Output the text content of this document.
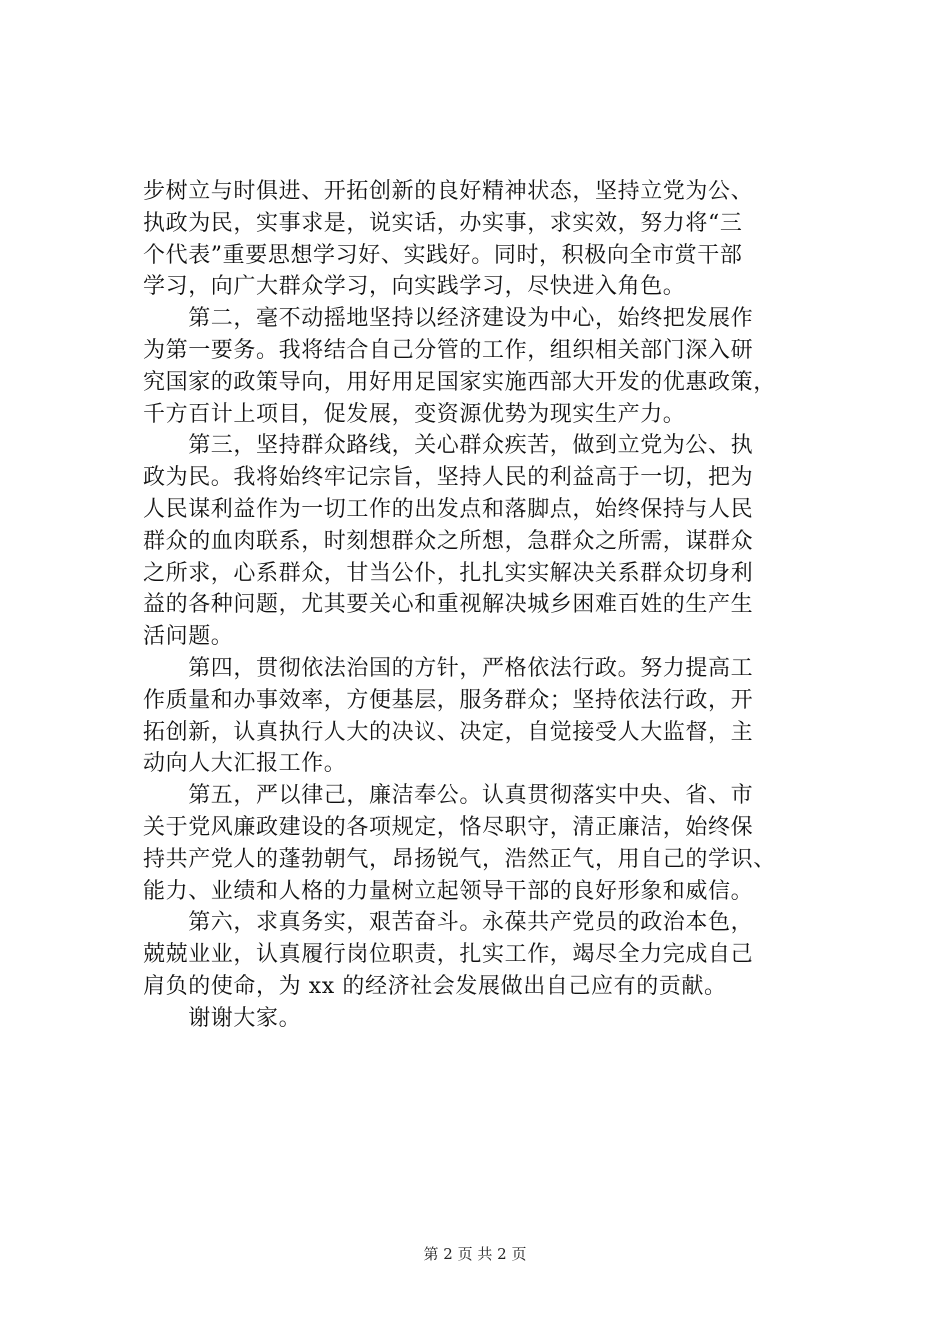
步树立与时俱进、开拓创新的良好精神状态，坚持立党为公、
执政为民，实事求是，说实话，办实事，求实效，努力将“三
个代表”重要思想学习好、实践好。同时，积极向全市赏干部
学习，向广大群众学习，向实践学习，尽快进入角色。
　　第二，毫不动摇地坚持以经济建设为中心，始终把发展作
为第一要务。我将结合自己分管的工作，组织相关部门深入研
究国家的政策导向，用好用足国家实施西部大开发的优惠政策，
千方百计上项目，促发展，变资源优势为现实生产力。
　　第三，坚持群众路线，关心群众疾苦，做到立党为公、执
政为民。我将始终牢记宗旨，坚持人民的利益高于一切，把为
人民谋利益作为一切工作的出发点和落脚点，始终保持与人民
群众的血肉联系，时刻想群众之所想，急群众之所需，谋群众
之所求，心系群众，甘当公仆，扎扎实实解决关系群众切身利
益的各种问题，尤其要关心和重视解决城乡困难百姓的生产生
活问题。
　　第四，贯彻依法治国的方针，严格依法行政。努力提高工
作质量和办事效率，方便基层，服务群众；坚持依法行政，开
拓创新，认真执行人大的决议、决定，自觉接受人大监督，主
动向人大汇报工作。
　　第五，严以律己，廉洁奉公。认真贯彻落实中央、省、市
关于党风廉政建设的各项规定，恪尽职守，清正廉洁，始终保
持共产党人的蓬勃朝气，昂扬锐气，浩然正气，用自己的学识、
能力、业绩和人格的力量树立起领导干部的良好形象和威信。
　　第六，求真务实，艰苦奋斗。永葆共产党员的政治本色，
兢兢业业，认真履行岗位职责，扎实工作，竭尽全力完成自己
肩负的使命，为 xx 的经济社会发展做出自己应有的贡献。
　　谢谢大家。
第 2 页 共 2 页
